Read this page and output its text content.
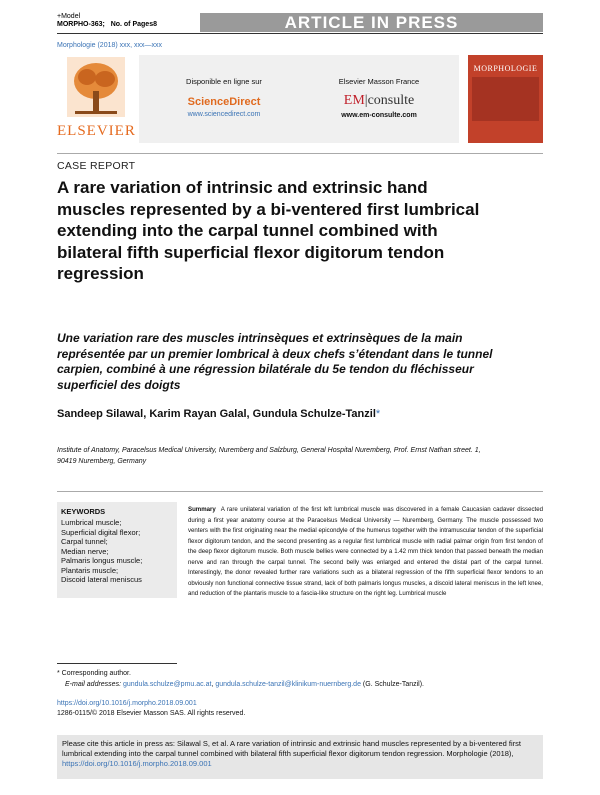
+Model
MORPHO-363; No. of Pages8	ARTICLE IN PRESS
Morphologie (2018) xxx, xxx—xxx
ELSEVIER
Disponible en ligne sur
ScienceDirect
www.sciencedirect.com
Elsevier Masson France
EM|consulte
www.em-consulte.com
MORPHOLOGIE
CASE REPORT
A rare variation of intrinsic and extrinsic hand muscles represented by a bi-ventered first lumbrical extending into the carpal tunnel combined with bilateral fifth superficial flexor digitorum tendon regression
Une variation rare des muscles intrinsèques et extrinsèques de la main représentée par un premier lombrical à deux chefs s’étendant dans le tunnel carpien, combiné à une régression bilatérale du 5e tendon du fléchisseur superficiel des doigts
Sandeep Silawal, Karim Rayan Galal, Gundula Schulze-Tanzil*
Institute of Anatomy, Paracelsus Medical University, Nuremberg and Salzburg, General Hospital Nuremberg, Prof. Ernst Nathan street. 1, 90419 Nuremberg, Germany
KEYWORDS
Lumbrical muscle;
Superficial digital flexor;
Carpal tunnel;
Median nerve;
Palmaris longus muscle;
Plantaris muscle;
Discoid lateral meniscus
Summary A rare unilateral variation of the first left lumbrical muscle was discovered in a female Caucasian cadaver dissected during a first year anatomy course at the Paracelsus Medical University — Nuremberg, Germany. The muscle possessed two venters with the first originating near the medial epicondyle of the humerus together with the intramuscular tendon of the superficial flexor digitorum tendon, and the second presenting as a regular first lumbrical muscle with radial palmar origin from first tendon of the deep flexor digitorum muscle. Both muscle bellies were connected by a 1.42 mm thick tendon that passed beneath the median nerve and ran through the carpal tunnel. The second belly was enlarged and entered the distal part of the carpal tunnel. Interestingly, the donor revealed further rare variations such as a bilateral regression of the fifth superficial flexor tendons to an obviously non functional connective tissue strand, lack of both palmaris longus muscles, a discoid lateral meniscus in the left knee, and reduction of the plantaris muscle to a fascia-like structure on the right leg. Lumbrical muscle
* Corresponding author.
E-mail addresses: gundula.schulze@pmu.ac.at, gundula.schulze-tanzil@klinikum-nuernberg.de (G. Schulze-Tanzil).
https://doi.org/10.1016/j.morpho.2018.09.001
1286-0115/© 2018 Elsevier Masson SAS. All rights reserved.
Please cite this article in press as: Silawal S, et al. A rare variation of intrinsic and extrinsic hand muscles represented by a bi-ventered first lumbrical extending into the carpal tunnel combined with bilateral fifth superficial flexor digitorum tendon regression. Morphologie (2018), https://doi.org/10.1016/j.morpho.2018.09.001
